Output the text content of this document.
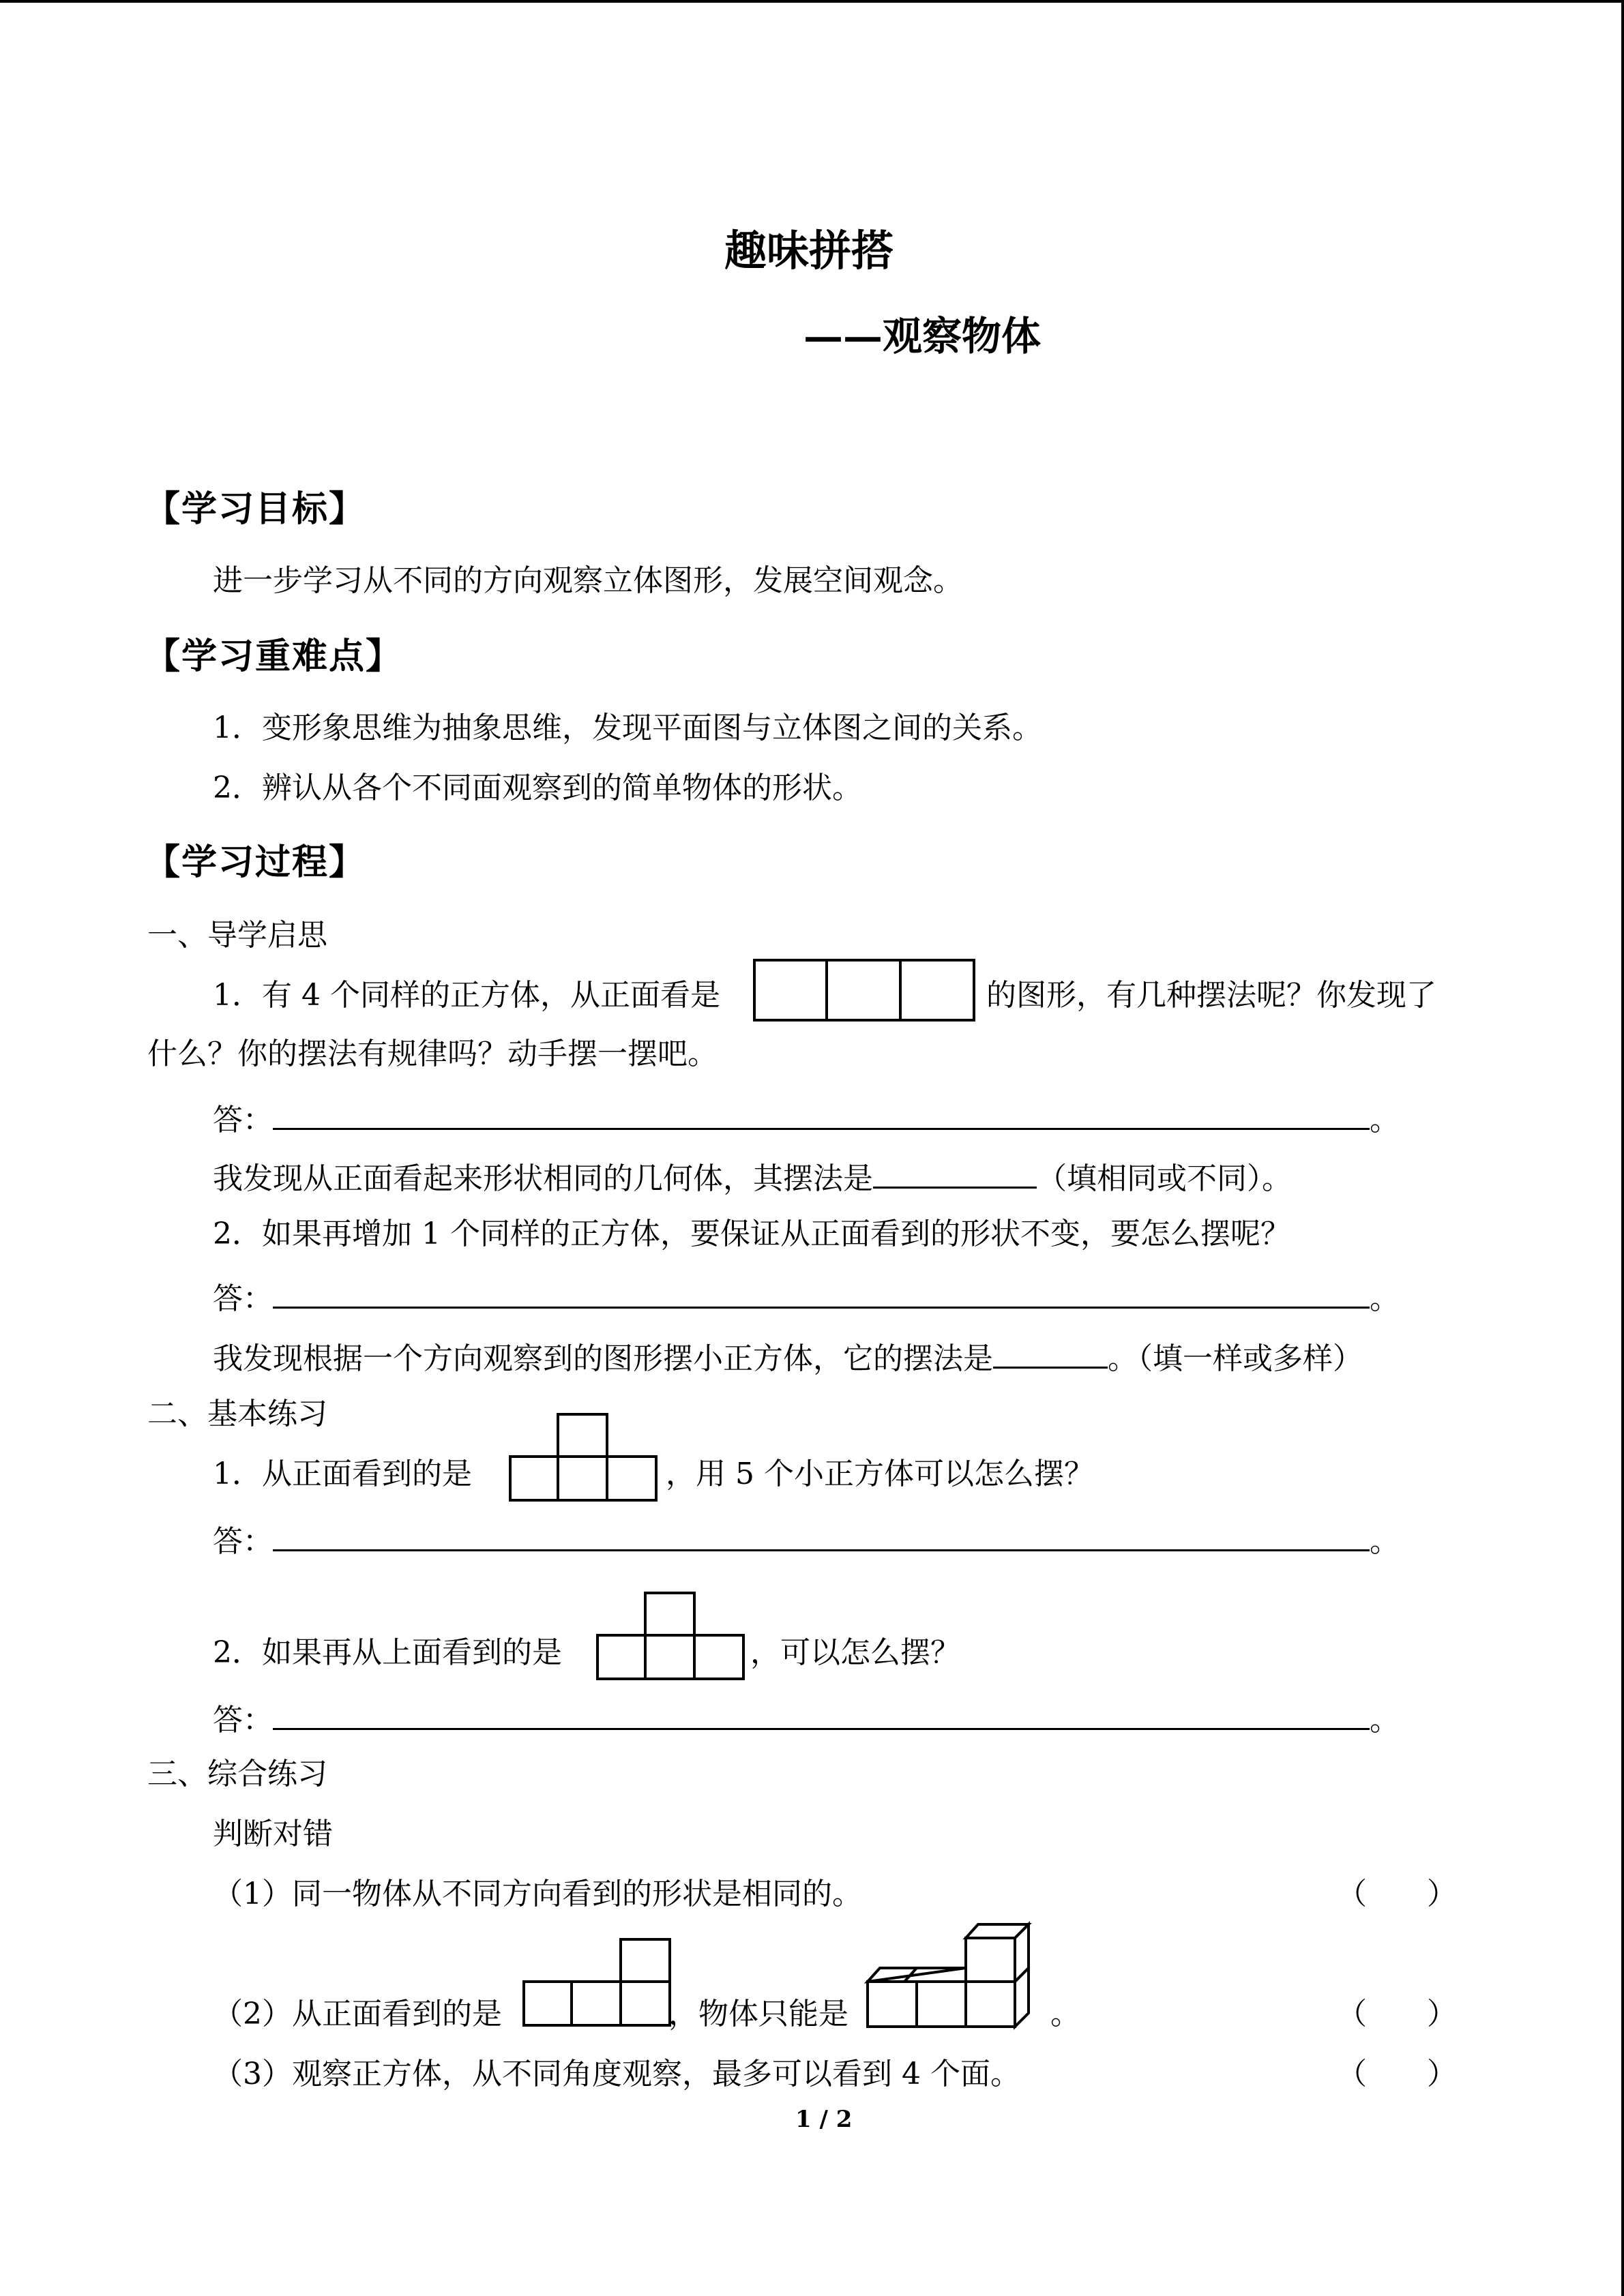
趣味拼搭
——观察物体
【学习目标】
进一步学习从不同的方向观察立体图形，发展空间观念。
【学习重难点】
1．变形象思维为抽象思维，发现平面图与立体图之间的关系。
2．辨认从各个不同面观察到的简单物体的形状。
【学习过程】
一、导学启思
1．有 4 个同样的正方体，从正面看是	的图形，有几种摆法呢？你发现了
什么？你的摆法有规律吗？动手摆一摆吧。
答：	。
我发现从正面看起来形状相同的几何体，其摆法是	（填相同或不同）。
2．如果再增加 1 个同样的正方体，要保证从正面看到的形状不变，要怎么摆呢？
答：	。
我发现根据一个方向观察到的图形摆小正方体，它的摆法是	。（填一样或多样）
二、基本练习
1．从正面看到的是	，用 5 个小正方体可以怎么摆？
答：	。
2．如果再从上面看到的是	，可以怎么摆？
答：	。
三、综合练习
判断对错
（1）同一物体从不同方向看到的形状是相同的。	（　　）
（2）从正面看到的是	，物体只能是	。	（　　）
（3）观察正方体，从不同角度观察，最多可以看到 4 个面。	（　　）
1 / 2
